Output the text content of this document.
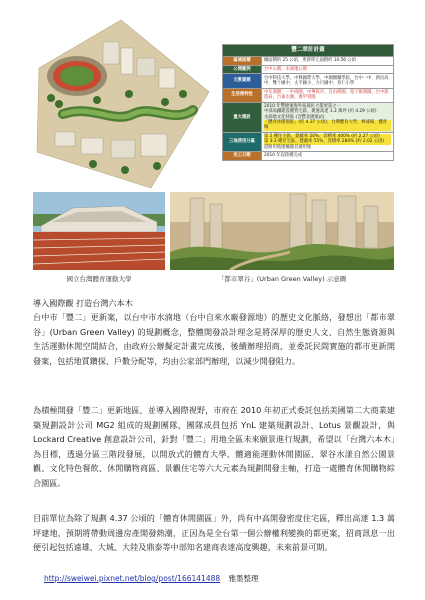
豐二翠計計畫	
區域面積	總面積約 25 公頃，更新單元面積約 10.56 公頃
公開範例	台中公園、水湳地公園
文教資源	台中科技大學、中興國際大學、中國醫藥學院、台中一中、新民高中、雙十國中、太平國小、力行國中、育仁小學
生活便利性	中友商圈、一中商圈、中華夜市、自由商圈、電子街商圈、台中旅遊局、台東水溝、逢甲管圈
重大建設	2010 年豐捷運海外拓商民大都更第之一
中部高鐵建設優質宅區、捷運高達 1.3 萬坪 (約 4.29 公頃)
水湳地文化特區 (含豐北捷運站)
「體育休閒園區」(約 4.37 公頃)，台灣體育大學、棒球場、體育場

三地使用分區	第 5 種住宅區，建蔽率 50%、容積率 400% (約 2.27 公頃)
第 3-2 種住宅區，建蔽率 55%、容積率 280% (約 2.02 公頃)
道路用地運輸器具通用地

完工日期	2010 年起陸續完成
國立台灣體育運動大學	「都市翠谷」(Urban Green Valley) 示意圖

導入國際觀 打造台灣六本木

台中市「豐二」更新案，以台中市水湳地（台中自來水廠發源地）的歷史文化脈絡，發想出「都市翠谷」(Urban Green Valley) 的規劃概念，整體開發設計理念是將深厚的歷史人文、自然生態資源與生活運動休閒空間結合，由政府公辦擬定計畫完成後，後續辦理招商，並委託民間實施的都市更新開發案，包括地質鑽探、戶數分配等，均由公家部門辦理，以減少開發阻力。

為積極開發「豐二」更新地區，並導入國際視野，市府在 2010 年初正式委託包括美國第二大商業建築規劃設計公司 MG2 組成的規劃團隊，團隊成員包括 YnL 建築規劃設計、Lotus 景觀設計，與 Lockard Creative 創意設計公司，針對「豐二」用地全區未來願景進行規劃，希望以「台灣六本木」為目標，透過分區三階段發展，以開放式的體育大學、體適能運動休閒園區、翠谷水漾自然公園景觀、文化特色餐飲、休閒購物商區、景觀住宅等六大元素為規劃開發主軸，打造一處體育休閒購物綜合園區。

目前單位為除了規劃 4.37 公頃的「體育休閒園區」外，尚有中高開發密度住宅區，釋出高達 1.3 萬坪建地，預期將帶動周邊房產開發熱潮，正因為是全台第一個公辦權利變換的都更案，招商訊息一出便引起包括遠雄、大城、大陸及鼎泰等中部知名建商表達高度興趣，未來前景可期。

http://sweiwei.pixnet.net/blog/post/166141488 雅墨整理
